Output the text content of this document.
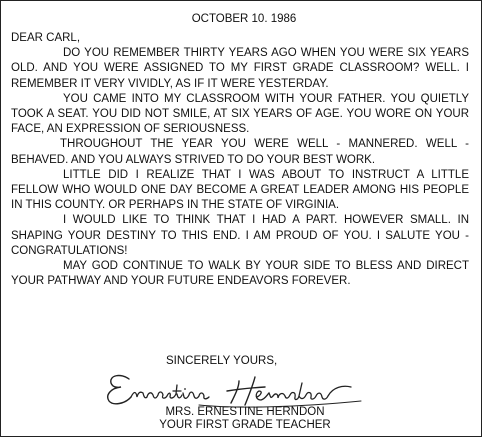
OCTOBER 10. 1986

DEAR CARL,

DO YOU REMEMBER THIRTY YEARS AGO WHEN YOU WERE SIX YEARS OLD. AND YOU WERE ASSIGNED TO MY FIRST GRADE CLASSROOM? WELL. I REMEMBER IT VERY VIVIDLY, AS IF IT WERE YESTERDAY.

YOU CAME INTO MY CLASSROOM WITH YOUR FATHER. YOU QUIETLY TOOK A SEAT. YOU DID NOT SMILE, AT SIX YEARS OF AGE. YOU WORE ON YOUR FACE, AN EXPRESSION OF SERIOUSNESS.

THROUGHOUT THE YEAR YOU WERE WELL - MANNERED. WELL - BEHAVED. AND YOU ALWAYS STRIVED TO DO YOUR BEST WORK.

LITTLE DID I REALIZE THAT I WAS ABOUT TO INSTRUCT A LITTLE FELLOW WHO WOULD ONE DAY BECOME A GREAT LEADER AMONG HIS PEOPLE IN THIS COUNTY. OR PERHAPS IN THE STATE OF VIRGINIA.

I WOULD LIKE TO THINK THAT I HAD A PART. HOWEVER SMALL. IN SHAPING YOUR DESTINY TO THIS END. I AM PROUD OF YOU. I SALUTE YOU - CONGRATULATIONS!

MAY GOD CONTINUE TO WALK BY YOUR SIDE TO BLESS AND DIRECT YOUR PATHWAY AND YOUR FUTURE ENDEAVORS FOREVER.

SINCERELY YOURS,
MRS. ERNESTINE HERNDON
YOUR FIRST GRADE TEACHER
